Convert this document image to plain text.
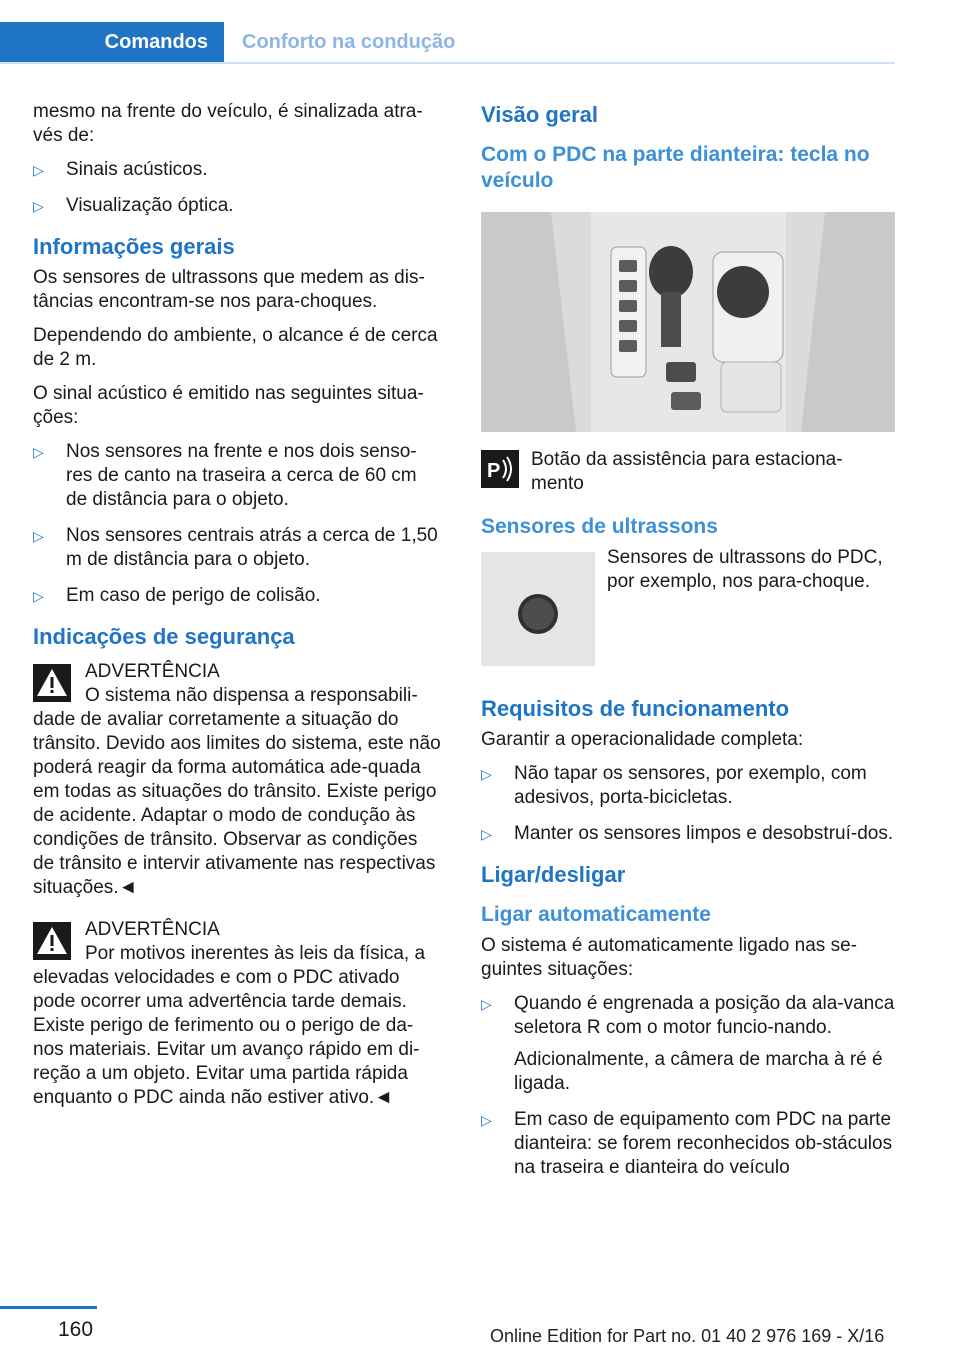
Comandos	Conforto na condução

mesmo na frente do veículo, é sinalizada atra-vés de:

▷ Sinais acústicos.
▷ Visualização óptica.
Informações gerais

Os sensores de ultrassons que medem as dis-tâncias encontram-se nos para-choques.

Dependendo do ambiente, o alcance é de cerca de 2 m.

O sinal acústico é emitido nas seguintes situa-ções:

▷ Nos sensores na frente e nos dois senso-res de canto na traseira a cerca de 60 cm de distância para o objeto.
▷ Nos sensores centrais atrás a cerca de 1,50 m de distância para o objeto.
▷ Em caso de perigo de colisão.
Indicações de segurança
ADVERTÊNCIA
O sistema não dispensa a responsabili-dade de avaliar corretamente a situação do trânsito. Devido aos limites do sistema, este não poderá reagir da forma automática ade-quada em todas as situações do trânsito. Existe perigo de acidente. Adaptar o modo de condução às condições de trânsito. Observar as condições de trânsito e intervir ativamente nas respectivas situações.◄
ADVERTÊNCIA
Por motivos inerentes às leis da física, a elevadas velocidades e com o PDC ativado pode ocorrer uma advertência tarde demais. Existe perigo de ferimento ou o perigo de da-nos materiais. Evitar um avanço rápido em di-reção a um objeto. Evitar uma partida rápida enquanto o PDC ainda não estiver ativo.◄
Visão geral
Com o PDC na parte dianteira: tecla no veículo
P
Botão da assistência para estaciona-mento
Sensores de ultrassons
Sensores de ultrassons do PDC, por exemplo, nos para-choque.
Requisitos de funcionamento

Garantir a operacionalidade completa:

▷ Não tapar os sensores, por exemplo, com adesivos, porta-bicicletas.
▷ Manter os sensores limpos e desobstruí-dos.
Ligar/desligar
Ligar automaticamente

O sistema é automaticamente ligado nas se-guintes situações:

▷ Quando é engrenada a posição da ala-vanca seletora R com o motor funcio-nando.
Adicionalmente, a câmera de marcha à ré é ligada.
▷ Em caso de equipamento com PDC na parte dianteira: se forem reconhecidos ob-stáculos na traseira e dianteira do veículo
160	Online Edition for Part no. 01 40 2 976 169 - X/16
